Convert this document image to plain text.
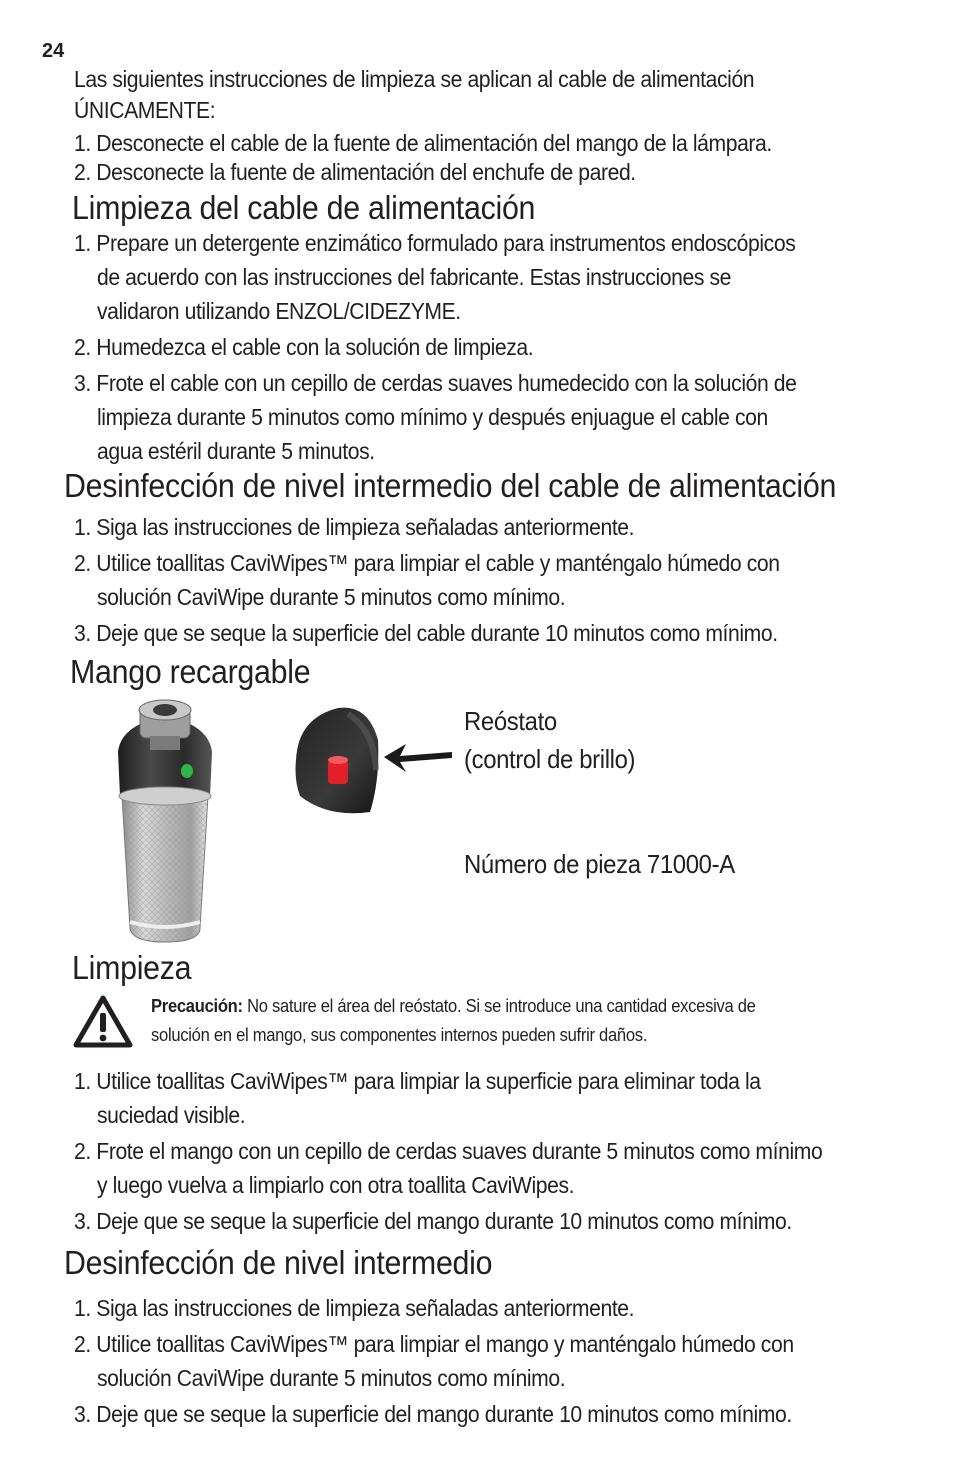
24
Las siguientes instrucciones de limpieza se aplican al cable de alimentación
ÚNICAMENTE:
1. Desconecte el cable de la fuente de alimentación del mango de la lámpara.
2. Desconecte la fuente de alimentación del enchufe de pared.
Limpieza del cable de alimentación
1. Prepare un detergente enzimático formulado para instrumentos endoscópicos
de acuerdo con las instrucciones del fabricante. Estas instrucciones se
validaron utilizando ENZOL/CIDEZYME.
2. Humedezca el cable con la solución de limpieza.
3. Frote el cable con un cepillo de cerdas suaves humedecido con la solución de
limpieza durante 5 minutos como mínimo y después enjuague el cable con
agua estéril durante 5 minutos.
Desinfección de nivel intermedio del cable de alimentación
1. Siga las instrucciones de limpieza señaladas anteriormente.
2. Utilice toallitas CaviWipes™ para limpiar el cable y manténgalo húmedo con
solución CaviWipe durante 5 minutos como mínimo.
3. Deje que se seque la superficie del cable durante 10 minutos como mínimo.
Mango recargable
Reóstato
(control de brillo)
Número de pieza 71000-A
Limpieza
Precaución: No sature el área del reóstato. Si se introduce una cantidad excesiva de
solución en el mango, sus componentes internos pueden sufrir daños.
1. Utilice toallitas CaviWipes™ para limpiar la superficie para eliminar toda la
suciedad visible.
2. Frote el mango con un cepillo de cerdas suaves durante 5 minutos como mínimo
y luego vuelva a limpiarlo con otra toallita CaviWipes.
3. Deje que se seque la superficie del mango durante 10 minutos como mínimo.
Desinfección de nivel intermedio
1. Siga las instrucciones de limpieza señaladas anteriormente.
2. Utilice toallitas CaviWipes™ para limpiar el mango y manténgalo húmedo con
solución CaviWipe durante 5 minutos como mínimo.
3. Deje que se seque la superficie del mango durante 10 minutos como mínimo.
